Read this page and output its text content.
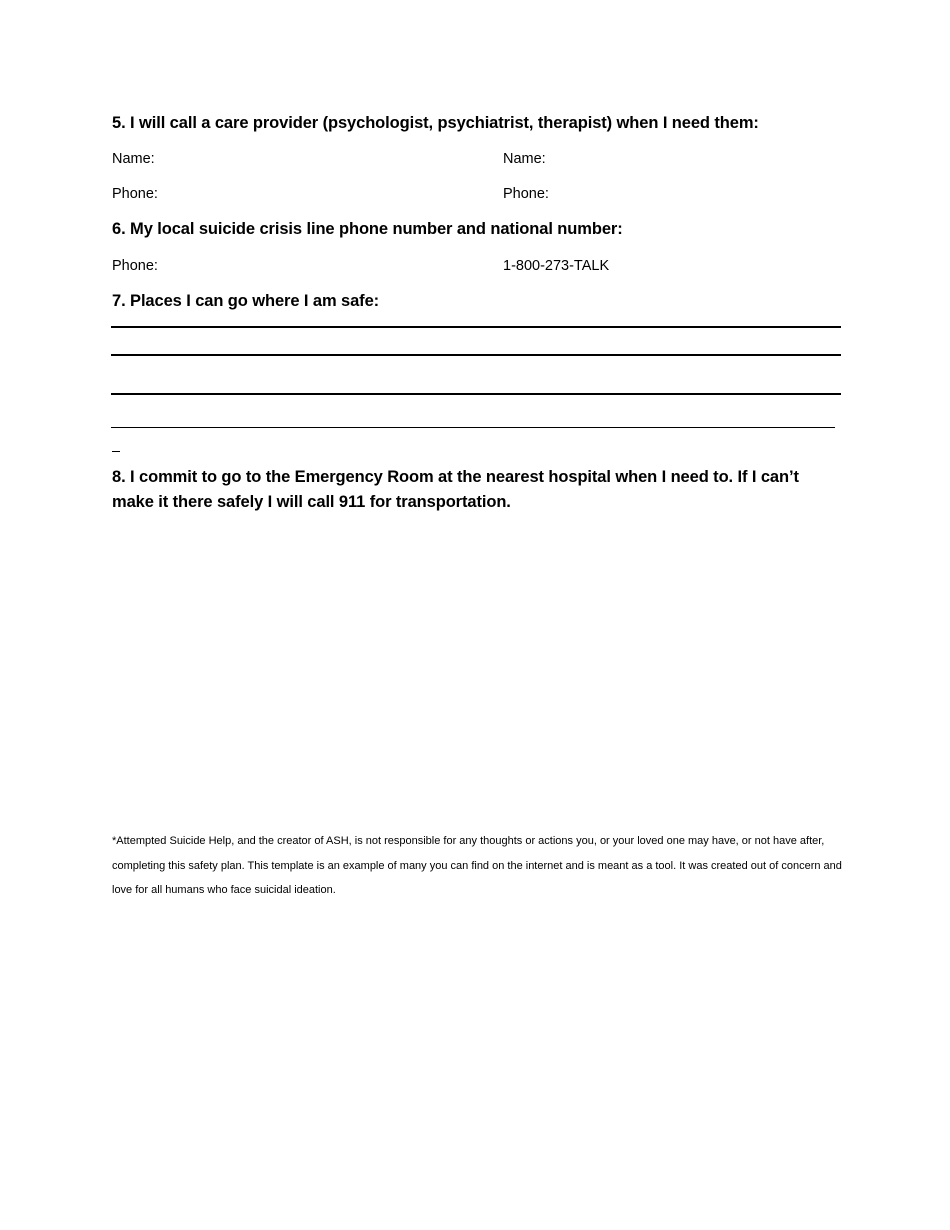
5. I will call a care provider (psychologist, psychiatrist, therapist) when I need them:
Name:	Name:
Phone:	Phone:
6. My local suicide crisis line phone number and national number:
Phone:	1-800-273-TALK
7. Places I can go where I am safe:
8. I commit to go to the Emergency Room at the nearest hospital when I need to. If I can’t make it there safely I will call 911 for transportation.
*Attempted Suicide Help, and the creator of ASH, is not responsible for any thoughts or actions you, or your loved one may have, or not have after, completing this safety plan. This template is an example of many you can find on the internet and is meant as a tool. It was created out of concern and love for all humans who face suicidal ideation.
